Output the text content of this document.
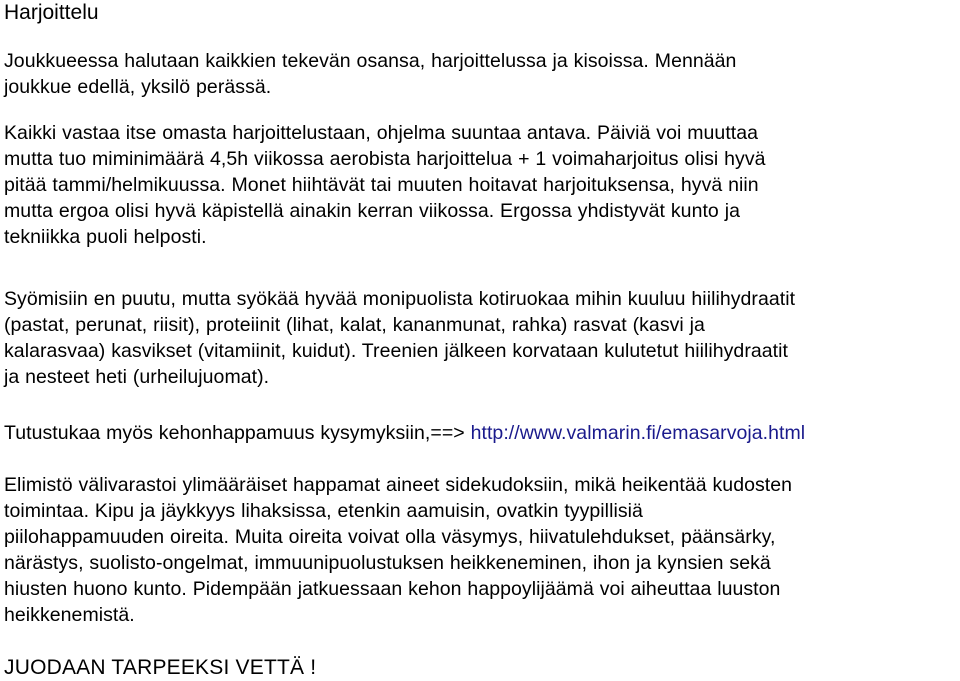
Harjoittelu

Joukkueessa halutaan kaikkien tekevän osansa, harjoittelussa ja kisoissa. Mennään
joukkue edellä, yksilö perässä.

Kaikki vastaa itse omasta harjoittelustaan, ohjelma suuntaa antava. Päiviä voi muuttaa
mutta tuo miminimäärä 4,5h viikossa aerobista harjoittelua + 1 voimaharjoitus olisi hyvä
pitää tammi/helmikuussa. Monet hiihtävät tai muuten hoitavat harjoituksensa, hyvä niin
mutta ergoa olisi hyvä käpistellä ainakin kerran viikossa. Ergossa yhdistyvät kunto ja
tekniikka puoli helposti.

Syömisiin en puutu, mutta syökää hyvää monipuolista kotiruokaa mihin kuuluu hiilihydraatit
(pastat, perunat, riisit), proteiinit (lihat, kalat, kananmunat, rahka) rasvat (kasvi ja
kalarasvaa) kasvikset (vitamiinit, kuidut). Treenien jälkeen korvataan kulutetut hiilihydraatit
ja nesteet heti (urheilujuomat).

Tutustukaa myös kehonhappamuus kysymyksiin,==> http://www.valmarin.fi/emasarvoja.html

Elimistö välivarastoi ylimääräiset happamat aineet sidekudoksiin, mikä heikentää kudosten
toimintaa. Kipu ja jäykkyys lihaksissa, etenkin aamuisin, ovatkin tyypillisiä
piilohappamuuden oireita. Muita oireita voivat olla väsymys, hiivatulehdukset, päänsärky,
närästys, suolisto-ongelmat, immuunipuolustuksen heikkeneminen, ihon ja kynsien sekä
hiusten huono kunto. Pidempään jatkuessaan kehon happoylijäämä voi aiheuttaa luuston
heikkenemistä.

JUODAAN TARPEEKSI VETTÄ !
